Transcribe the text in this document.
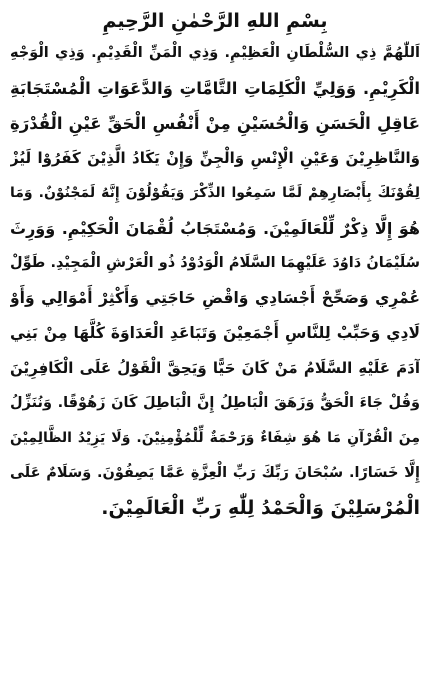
بِسْمِ اللهِ الرَّحْمٰنِ الرَّحِيمِ
اَللّٰهُمَّ ذِي السُّلْطَانِ الْعَظِيْمِ. وَذِي الْمَنِّ الْقَدِيْمِ. وَذِي الْوَجْهِ
الْكَرِيْمِ. وَوَلِيِّ الْكَلِمَاتِ التَّامَّاتِ وَالدَّعَوَاتِ الْمُسْتَجَابَةِ
عَاقِلِ الْحَسَنِ وَالْحُسَيْنِ مِنْ أَنْفُسِ الْحَقِّ عَيْنِ الْقُدْرَةِ
وَالنَّاظِرِيْنَ وَعَيْنِ الْإِنْسِ وَالْجِنِّ وَإِنْ يَكَادُ الَّذِيْنَ كَفَرُوْا لَيُزْ
لِقُوْنَكَ بِأَبْصَارِهِمْ لَمَّا سَمِعُوا الذِّكْرَ وَيَقُوْلُوْنَ إِنَّهُ لَمَجْنُوْنٌ. وَمَا
هُوَ إِلَّا ذِكْرٌ لِّلْعَالَمِيْنَ. وَمُسْتَجَابُ لُقْمَانَ الْحَكِيْمِ. وَوَرِثَ
سُلَيْمَانُ دَاوُدَ عَلَيْهِمَا السَّلَامُ الْوَدُوْدُ ذُو الْعَرْشِ الْمَجِيْدِ. طَوِّلْ
عُمْرِي وَصَحِّحْ أَجْسَادِي وَاقْضِ حَاجَتِي وَأَكْثِرْ أَمْوَالِي وَأَوْ
لَادِي وَحَبِّبْ لِلنَّاسِ أَجْمَعِيْنَ وَتَبَاعَدِ الْعَدَاوَةَ كُلَّهَا مِنْ بَنِي
آدَمَ عَلَيْهِ السَّلَامُ مَنْ كَانَ حَيًّا وَيَحِقَّ الْقَوْلُ عَلَى الْكَافِرِيْنَ
وَقُلْ جَاءَ الْحَقُّ وَزَهَقَ الْبَاطِلُ إِنَّ الْبَاطِلَ كَانَ زَهُوْقًا. وَنُنَزِّلُ
مِنَ الْقُرْآنِ مَا هُوَ شِفَاءٌ وَرَحْمَةٌ لِّلْمُؤْمِنِيْنَ. وَلَا يَزِيْدُ الظَّالِمِيْنَ
إِلَّا خَسَارًا. سُبْحَانَ رَبِّكَ رَبِّ الْعِزَّةِ عَمَّا يَصِفُوْنَ. وَسَلَامٌ عَلَى
الْمُرْسَلِيْنَ وَالْحَمْدُ لِلّٰهِ رَبِّ الْعَالَمِيْنَ.
